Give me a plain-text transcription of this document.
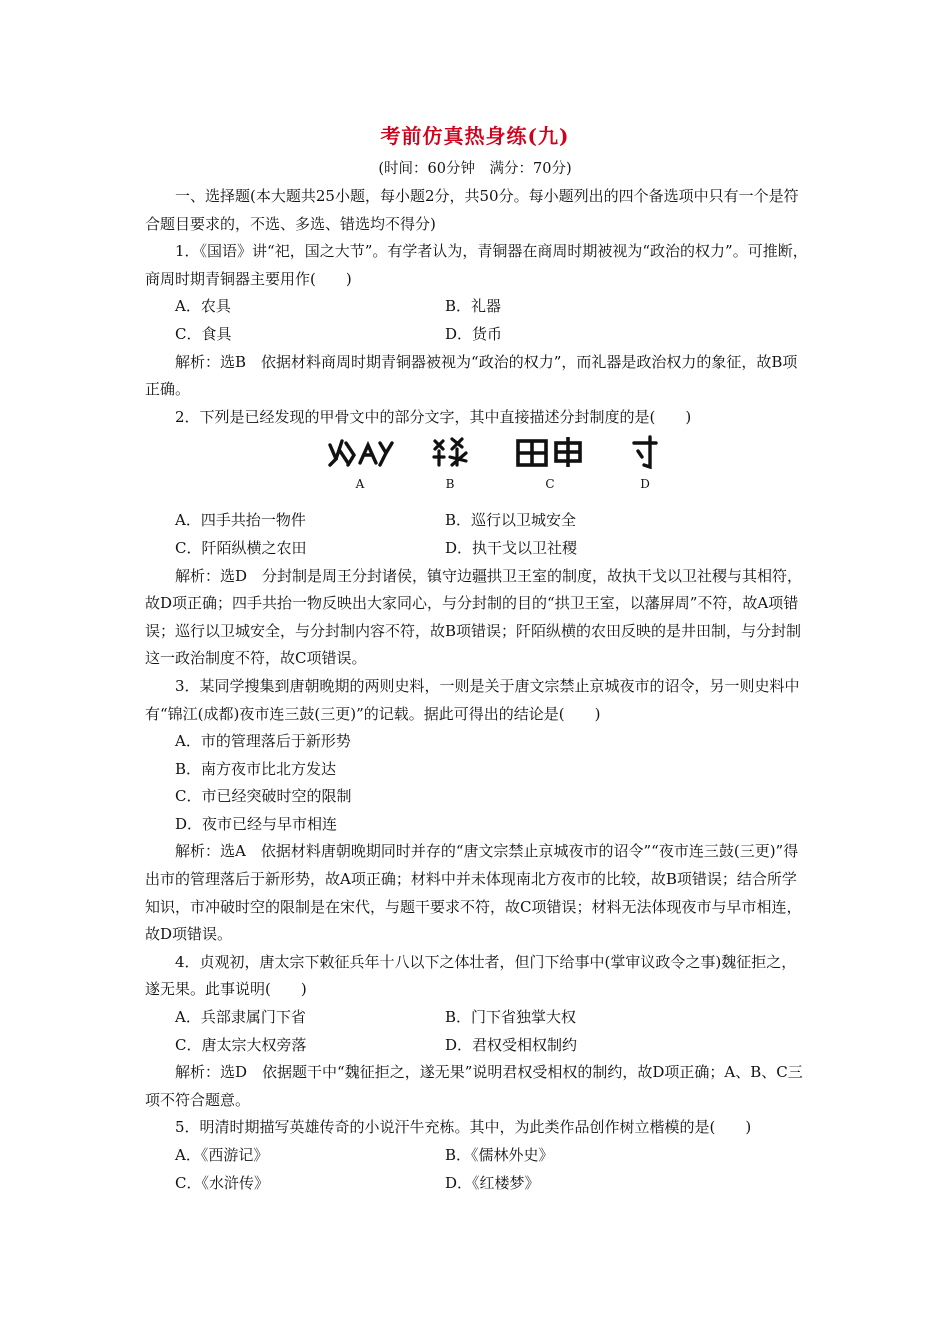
考前仿真热身练(九)
(时间：60分钟　满分：70分)

一、选择题(本大题共25小题，每小题2分，共50分。每小题列出的四个备选项中只有一个是符合题目要求的，不选、多选、错选均不得分)

1．《国语》讲“祀，国之大节”。有学者认为，青铜器在商周时期被视为“政治的权力”。可推断，商周时期青铜器主要用作(　　)

A．农具	B．礼器
C．食具	D．货币

解析：选B　依据材料商周时期青铜器被视为“政治的权力”，而礼器是政治权力的象征，故B项正确。

2．下列是已经发现的甲骨文中的部分文字，其中直接描述分封制度的是(　　)

A	B	C	D
A．四手共抬一物件	B．巡行以卫城安全
C．阡陌纵横之农田	D．执干戈以卫社稷

解析：选D　分封制是周王分封诸侯，镇守边疆拱卫王室的制度，故执干戈以卫社稷与其相符，故D项正确；四手共抬一物反映出大家同心，与分封制的目的“拱卫王室，以藩屏周”不符，故A项错误；巡行以卫城安全，与分封制内容不符，故B项错误；阡陌纵横的农田反映的是井田制，与分封制这一政治制度不符，故C项错误。

3．某同学搜集到唐朝晚期的两则史料，一则是关于唐文宗禁止京城夜市的诏令，另一则史料中有“锦江(成都)夜市连三鼓(三更)”的记载。据此可得出的结论是(　　)

A．市的管理落后于新形势

B．南方夜市比北方发达

C．市已经突破时空的限制

D．夜市已经与早市相连

解析：选A　依据材料唐朝晚期同时并存的“唐文宗禁止京城夜市的诏令”“夜市连三鼓(三更)”得出市的管理落后于新形势，故A项正确；材料中并未体现南北方夜市的比较，故B项错误；结合所学知识，市冲破时空的限制是在宋代，与题干要求不符，故C项错误；材料无法体现夜市与早市相连，故D项错误。

4．贞观初，唐太宗下敕征兵年十八以下之体壮者，但门下给事中(掌审议政令之事)魏征拒之，遂无果。此事说明(　　)

A．兵部隶属门下省	B．门下省独掌大权
C．唐太宗大权旁落	D．君权受相权制约

解析：选D　依据题干中“魏征拒之，遂无果”说明君权受相权的制约，故D项正确；A、B、C三项不符合题意。

5．明清时期描写英雄传奇的小说汗牛充栋。其中，为此类作品创作树立楷模的是(　　)

A．《西游记》	B．《儒林外史》
C．《水浒传》	D．《红楼梦》
